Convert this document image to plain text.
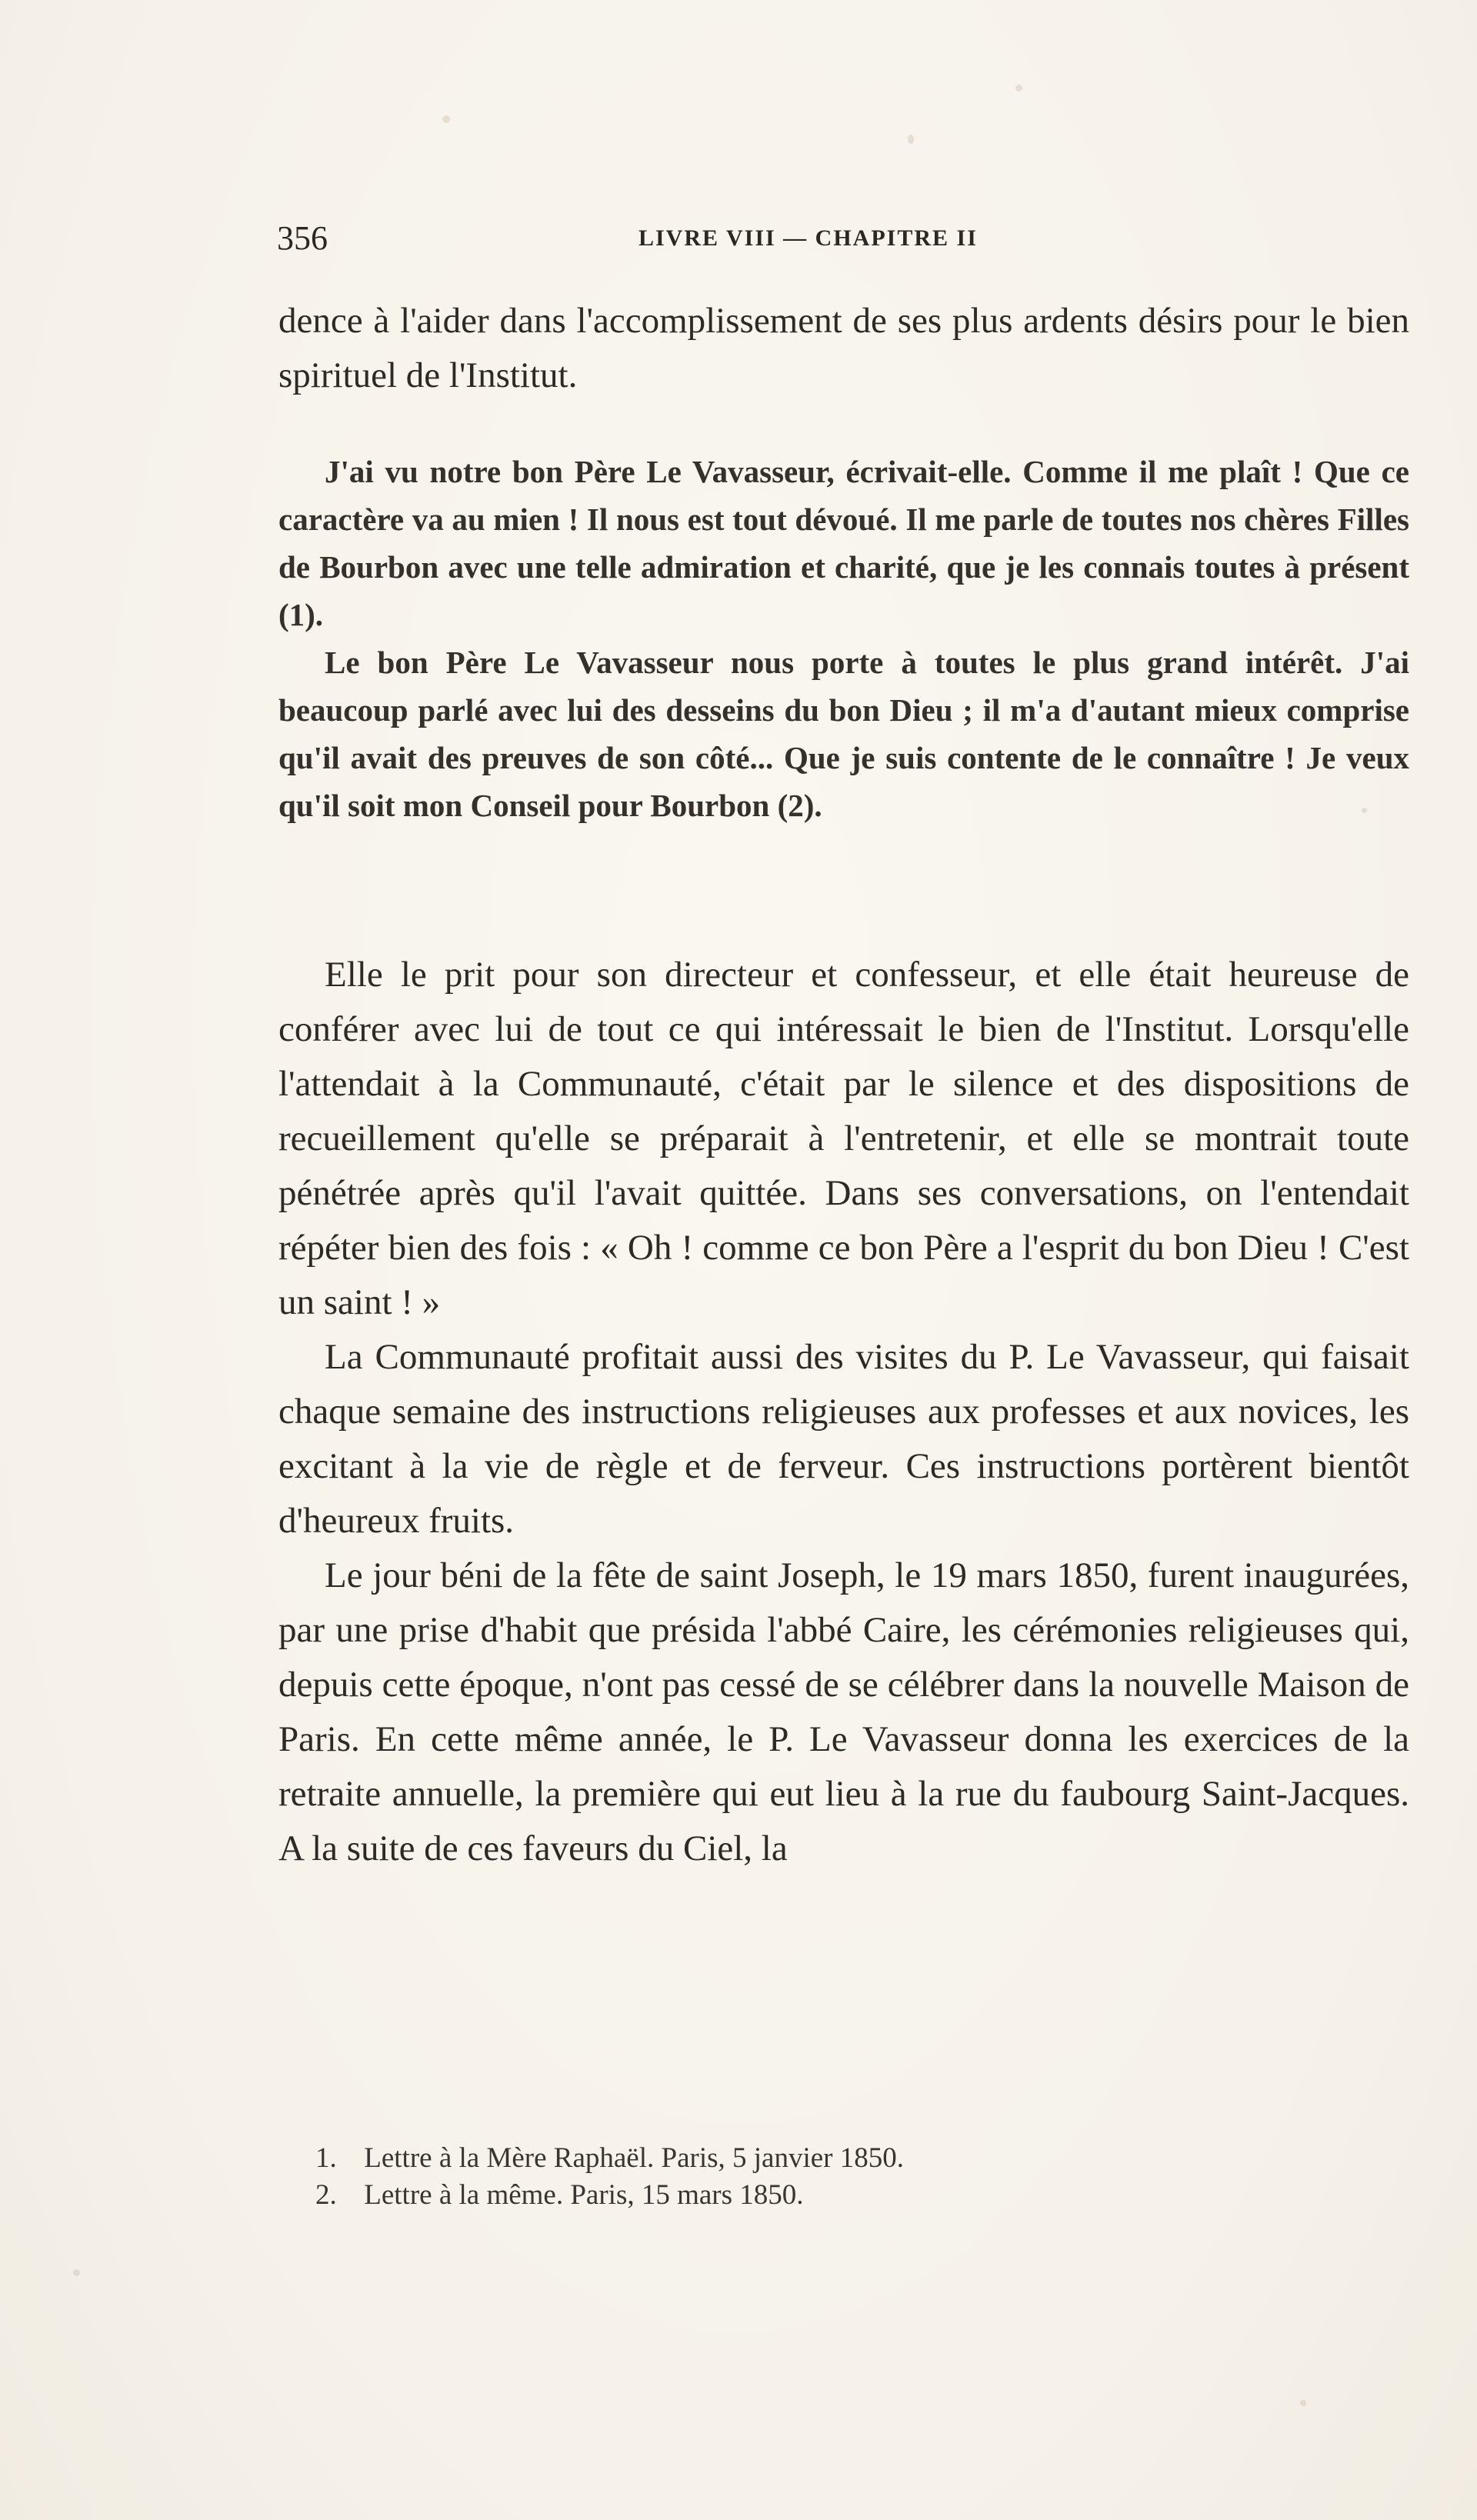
356	LIVRE VIII — CHAPITRE II

dence à l'aider dans l'accomplissement de ses plus ardents désirs pour le bien spirituel de l'Institut.

J'ai vu notre bon Père Le Vavasseur, écrivait-elle. Comme il me plaît ! Que ce caractère va au mien ! Il nous est tout dévoué. Il me parle de toutes nos chères Filles de Bourbon avec une telle admiration et charité, que je les connais toutes à présent (1).

Le bon Père Le Vavasseur nous porte à toutes le plus grand intérêt. J'ai beaucoup parlé avec lui des desseins du bon Dieu ; il m'a d'autant mieux comprise qu'il avait des preuves de son côté... Que je suis contente de le connaître ! Je veux qu'il soit mon Conseil pour Bourbon (2).

Elle le prit pour son directeur et confesseur, et elle était heureuse de conférer avec lui de tout ce qui intéressait le bien de l'Institut. Lorsqu'elle l'attendait à la Communauté, c'était par le silence et des dispositions de recueillement qu'elle se préparait à l'entretenir, et elle se montrait toute pénétrée après qu'il l'avait quittée. Dans ses conversations, on l'entendait répéter bien des fois : « Oh ! comme ce bon Père a l'esprit du bon Dieu ! C'est un saint ! »

La Communauté profitait aussi des visites du P. Le Vavasseur, qui faisait chaque semaine des instructions religieuses aux professes et aux novices, les excitant à la vie de règle et de ferveur. Ces instructions portèrent bientôt d'heureux fruits.

Le jour béni de la fête de saint Joseph, le 19 mars 1850, furent inaugurées, par une prise d'habit que présida l'abbé Caire, les cérémonies religieuses qui, depuis cette époque, n'ont pas cessé de se célébrer dans la nouvelle Maison de Paris. En cette même année, le P. Le Vavasseur donna les exercices de la retraite annuelle, la première qui eut lieu à la rue du faubourg Saint-Jacques. A la suite de ces faveurs du Ciel, la

1. Lettre à la Mère Raphaël. Paris, 5 janvier 1850.

2. Lettre à la même. Paris, 15 mars 1850.
